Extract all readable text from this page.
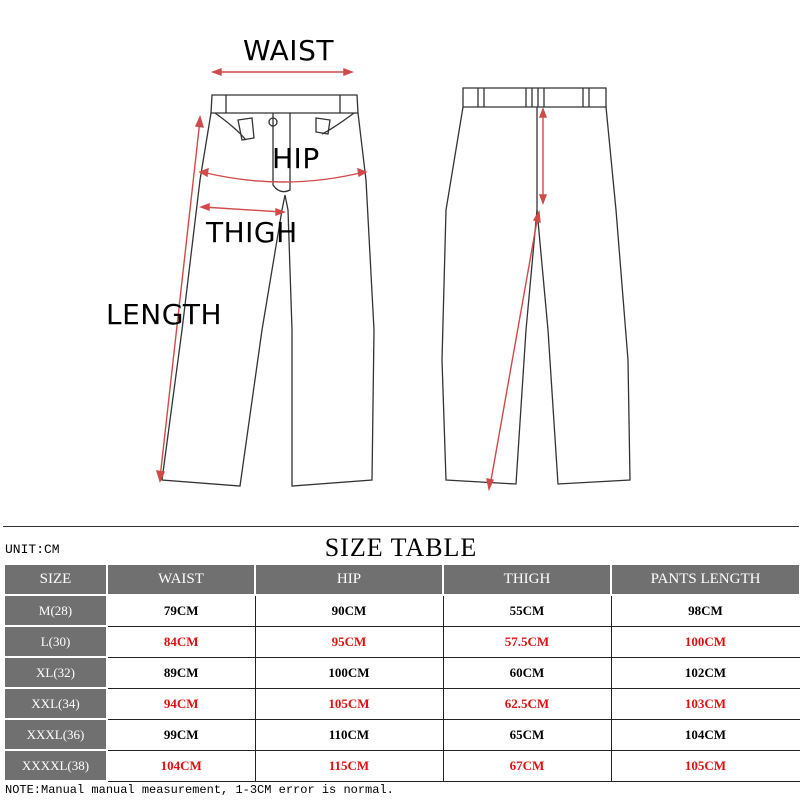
WAIST
HIP
THIGH
LENGTH
UNIT:CM	SIZE TABLE
SIZE	WAIST	HIP	THIGH	PANTS LENGTH
M(28)	79CM	90CM	55CM	98CM
L(30)	84CM	95CM	57.5CM	100CM
XL(32)	89CM	100CM	60CM	102CM
XXL(34)	94CM	105CM	62.5CM	103CM
XXXL(36)	99CM	110CM	65CM	104CM
XXXXL(38)	104CM	115CM	67CM	105CM
NOTE:Manual manual measurement, 1-3CM error is normal.
